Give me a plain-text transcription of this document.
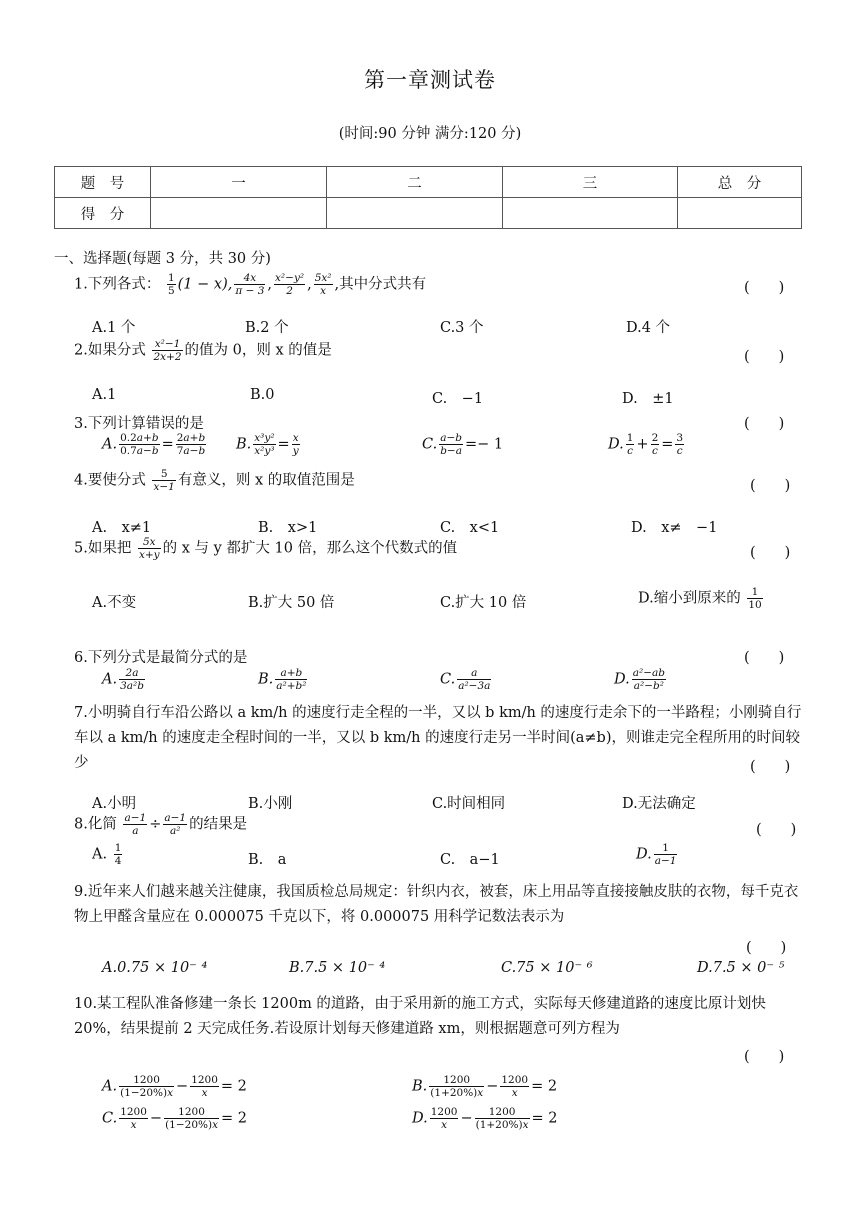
第一章测试卷
(时间:90 分钟 满分:120 分)
题　号	一	二	三	总　分
得　分				
一、选择题(每题 3 分，共 30 分)
1.下列各式： $\frac{1}{5} (1$ − 𝑥), $\frac{\text{4𝑥}}{\pi - 3}$ , $\frac{\text{𝑥²−𝑦²}}{2}$ , $\frac{\text{5𝑥²}}{\text{𝑥}}$ ,其中分式共有	(　　)
A.1 个	B.2 个	C.3 个	D.4 个
2.如果分式 $\frac{\text{𝑥²−1}}{\text{2𝑥+2}}$ 的值为 0，则 x 的值是	(　　)
A.1	B.0	C.　−1	D.　±1
3.下列计算错误的是	(　　)
A. $\frac{\text{0.2𝑎+𝑏}}{\text{0.7𝑎−𝑏}} = \frac{\text{2𝑎+𝑏}}{\text{7𝑎−𝑏}} B$. $\frac{\text{𝑥³𝑦²}}{\text{𝑥²𝑦³}} = \frac{\text{𝑥}}{\text{𝑦}}$	C. $\frac{\text{𝑎−𝑏}}{\text{𝑏−𝑎}} =- 1$	D. $\frac{1}{\text{𝑐}} + \frac{2}{\text{𝑐}} = \frac{3}{\text{𝑐}}$
4.要使分式 $\frac{5}{\text{𝑥−1}}$ 有意义，则 x 的取值范围是	(　　)
A.　x≠1	B.　x>1	C.　x<1	D.　x≠　−1
5.如果把 $\frac{\text{5𝑥}}{\text{𝑥+𝑦}}$ 的 x 与 y 都扩大 10 倍，那么这个代数式的值	(　　)
A.不变	B.扩大 50 倍	C.扩大 10 倍	D.缩小到原来的 $\frac{1}{10}$
6.下列分式是最简分式的是	(　　)
A. $\frac{\text{2𝑎}}{\text{3𝑎²𝑏}}$	B. $\frac{\text{𝑎+𝑏}}{\text{𝑎²+𝑏²}}$	C. $\frac{\text{𝑎}}{\text{𝑎²−3𝑎}}$	D. $\frac{\text{𝑎²−𝑎𝑏}}{\text{𝑎²−𝑏²}}$
7.小明骑自行车沿公路以 a km/h 的速度行走全程的一半，又以 b km/h 的速度行走余下的一半路程；小刚骑自行车以 a km/h 的速度走全程时间的一半，又以 b km/h 的速度行走另一半时间(a≠b)，则谁走完全程所用的时间较少	(　　)
A.小明	B.小刚	C.时间相同	D.无法确定
8.化简 $\frac{\text{𝑎−1}}{\text{𝑎}} \div \frac{\text{𝑎−1}}{\text{𝑎²}}$ 的结果是	(　　)
A. $\frac{1}{4}$	B.　a	C.　a−1	D. $\frac{1}{\text{𝑎−1}}$
9.近年来人们越来越关注健康，我国质检总局规定：针织内衣，被套，床上用品等直接接触皮肤的衣物，每千克衣物上甲醛含量应在 0.000075 千克以下，将 0.000075 用科学记数法表示为
(　　)
A.0.75 × 10⁻ ⁴	B.7.5 × 10⁻ ⁴	C.75 × 10⁻ ⁶	D.7.5 × 0⁻ ⁵
10.某工程队准备修建一条长 1200m 的道路，由于采用新的施工方式，实际每天修建道路的速度比原计划快 20%，结果提前 2 天完成任务.若设原计划每天修建道路 xm，则根据题意可列方程为
(　　)
A. $\frac{1200}{\text{(1−20\%)𝑥}} - \frac{1200}{\text{𝑥}} = 2$	B. $\frac{1200}{\text{(1+20\%)𝑥}} - \frac{1200}{\text{𝑥}} = 2$
C. $\frac{1200}{\text{𝑥}} - \frac{1200}{\text{(1−20\%)𝑥}} = 2$	D. $\frac{1200}{\text{𝑥}} - \frac{1200}{\text{(1+20\%)𝑥}} = 2$
